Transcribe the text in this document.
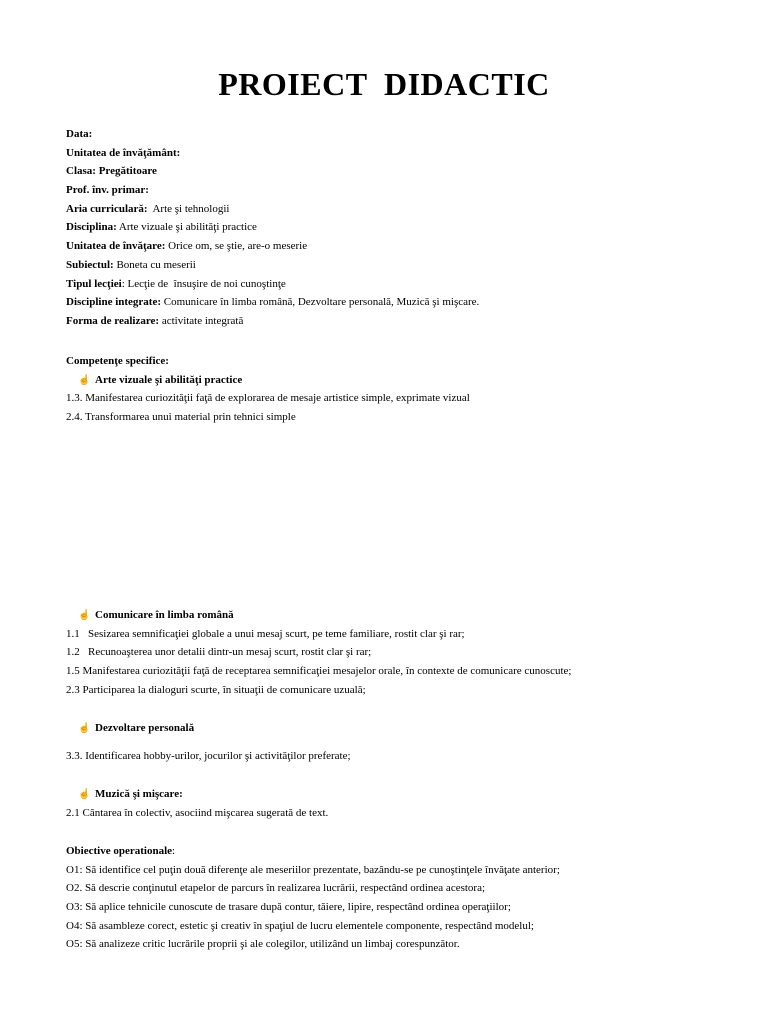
PROIECT  DIDACTIC
Data:
Unitatea de învăţământ:
Clasa: Pregătitoare
Prof. înv. primar:
Aria curriculară:  Arte şi tehnologii
Disciplina: Arte vizuale şi abilităţi practice
Unitatea de învăţare: Orice om, se ştie, are-o meserie
Subiectul: Boneta cu meserii
Tipul lecţiei: Lecţie de  însuşire de noi cunoştinţe
Discipline integrate: Comunicare în limba română, Dezvoltare personală, Muzică şi mişcare.
Forma de realizare: activitate integrată
Competenţe specifice:
☝ Arte vizuale şi abilităţi practice
1.3. Manifestarea curiozităţii faţă de explorarea de mesaje artistice simple, exprimate vizual
2.4. Transformarea unui material prin tehnici simple
☝ Comunicare în limba română
1.1   Sesizarea semnificaţiei globale a unui mesaj scurt, pe teme familiare, rostit clar şi rar;
1.2   Recunoaşterea unor detalii dintr-un mesaj scurt, rostit clar şi rar;
1.5 Manifestarea curiozităţii faţă de receptarea semnificaţiei mesajelor orale, în contexte de comunicare cunoscute;
2.3 Participarea la dialoguri scurte, în situaţii de comunicare uzuală;
☝ Dezvoltare personală
3.3. Identificarea hobby-urilor, jocurilor şi activităţilor preferate;
☝ Muzică şi mişcare:
2.1 Cântarea în colectiv, asociind mişcarea sugerată de text.
Obiective operationale:
O1: Să identifice cel puţin două diferenţe ale meseriilor prezentate, bazându-se pe cunoştinţele învăţate anterior;
O2. Să descrie conţinutul etapelor de parcurs în realizarea lucrării, respectând ordinea acestora;
O3: Să aplice tehnicile cunoscute de trasare după contur, tăiere, lipire, respectând ordinea operaţiilor;
O4: Să asambleze corect, estetic şi creativ în spaţiul de lucru elementele componente, respectând modelul;
O5: Să analizeze critic lucrările proprii şi ale colegilor, utilizând un limbaj corespunzător.
